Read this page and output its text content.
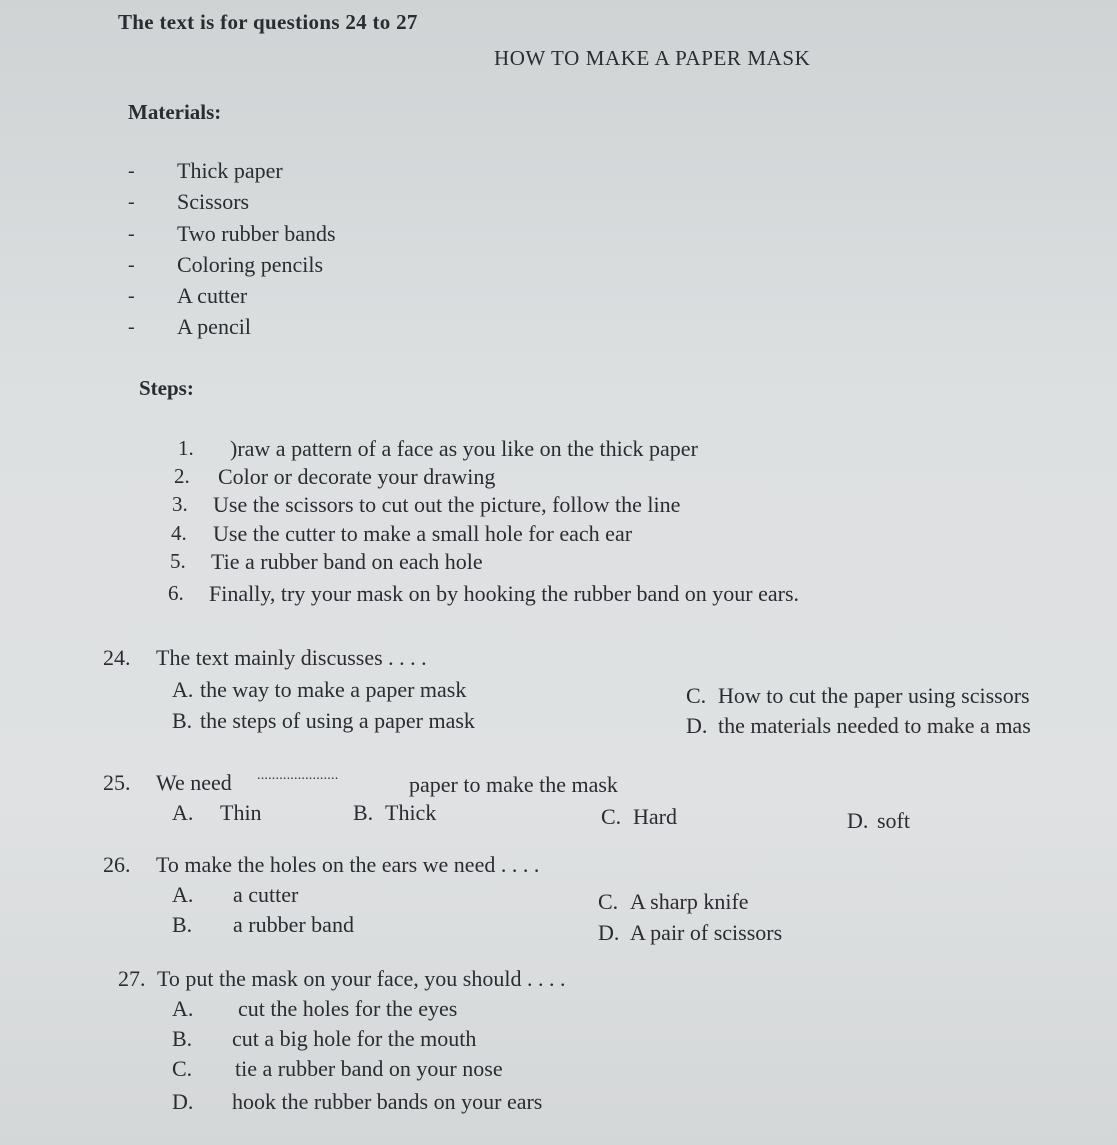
The text is for questions 24 to 27
HOW TO MAKE A PAPER MASK
Materials:
- Thick paper
- Scissors
- Two rubber bands
- Coloring pencils
- A cutter
- A pencil
Steps:
1. )raw a pattern of a face as you like on the thick paper
2. Color or decorate your drawing
3. Use the scissors to cut out the picture, follow the line
4. Use the cutter to make a small hole for each ear
5. Tie a rubber band on each hole
6. Finally, try your mask on by hooking the rubber band on your ears.
24. The text mainly discusses . . . .
A. the way to make a paper mask
B. the steps of using a paper mask
C. How to cut the paper using scissors
D. the materials needed to make a mas
25. We need ......................	paper to make the mask
A. Thin	B. Thick	C. Hard	D. soft
26. To make the holes on the ears we need . . . .
A. a cutter
B. a rubber band
C. A sharp knife
D. A pair of scissors
27. To put the mask on your face, you should . . . .
A. cut the holes for the eyes
B. cut a big hole for the mouth
C. tie a rubber band on your nose
D. hook the rubber bands on your ears
